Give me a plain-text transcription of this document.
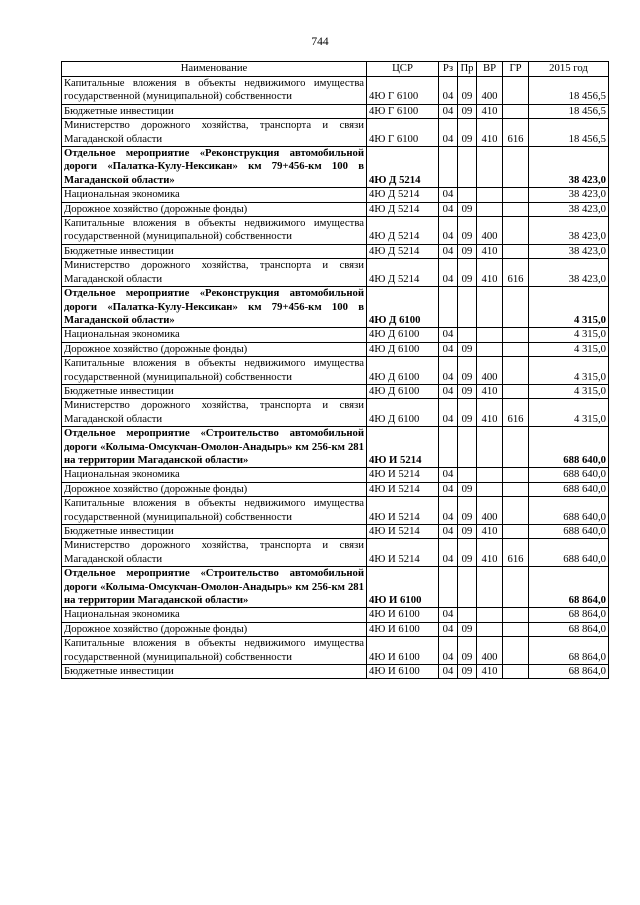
744
Наименование	ЦСР	Рз	Пр	ВР	ГР	2015 год
Капитальные вложения в объекты недвижимого имущества государственной (муниципальной) собственности	4Ю Г 6100	04	09	400		18 456,5
Бюджетные инвестиции	4Ю Г 6100	04	09	410		18 456,5
Министерство дорожного хозяйства, транспорта и связи Магаданской области	4Ю Г 6100	04	09	410	616	18 456,5
Отдельное мероприятие «Реконструкция автомобильной дороги «Палатка-Кулу-Нексикан» км 79+456-км 100 в Магаданской области»	4Ю Д 5214					38 423,0
Национальная экономика	4Ю Д 5214	04				38 423,0
Дорожное хозяйство (дорожные фонды)	4Ю Д 5214	04	09			38 423,0
Капитальные вложения в объекты недвижимого имущества государственной (муниципальной) собственности	4Ю Д 5214	04	09	400		38 423,0
Бюджетные инвестиции	4Ю Д 5214	04	09	410		38 423,0
Министерство дорожного хозяйства, транспорта и связи Магаданской области	4Ю Д 5214	04	09	410	616	38 423,0
Отдельное мероприятие «Реконструкция автомобильной дороги «Палатка-Кулу-Нексикан» км 79+456-км 100 в Магаданской области»	4Ю Д 6100					4 315,0
Национальная экономика	4Ю Д 6100	04				4 315,0
Дорожное хозяйство (дорожные фонды)	4Ю Д 6100	04	09			4 315,0
Капитальные вложения в объекты недвижимого имущества государственной (муниципальной) собственности	4Ю Д 6100	04	09	400		4 315,0
Бюджетные инвестиции	4Ю Д 6100	04	09	410		4 315,0
Министерство дорожного хозяйства, транспорта и связи Магаданской области	4Ю Д 6100	04	09	410	616	4 315,0
Отдельное мероприятие «Строительство автомобильной дороги «Колыма-Омсукчан-Омолон-Анадырь» км 256-км 281 на территории Магаданской области»	4Ю И 5214					688 640,0
Национальная экономика	4Ю И 5214	04				688 640,0
Дорожное хозяйство (дорожные фонды)	4Ю И 5214	04	09			688 640,0
Капитальные вложения в объекты недвижимого имущества государственной (муниципальной) собственности	4Ю И 5214	04	09	400		688 640,0
Бюджетные инвестиции	4Ю И 5214	04	09	410		688 640,0
Министерство дорожного хозяйства, транспорта и связи Магаданской области	4Ю И 5214	04	09	410	616	688 640,0
Отдельное мероприятие «Строительство автомобильной дороги «Колыма-Омсукчан-Омолон-Анадырь» км 256-км 281 на территории Магаданской области»	4Ю И 6100					68 864,0
Национальная экономика	4Ю И 6100	04				68 864,0
Дорожное хозяйство (дорожные фонды)	4Ю И 6100	04	09			68 864,0
Капитальные вложения в объекты недвижимого имущества государственной (муниципальной) собственности	4Ю И 6100	04	09	400		68 864,0
Бюджетные инвестиции	4Ю И 6100	04	09	410		68 864,0
